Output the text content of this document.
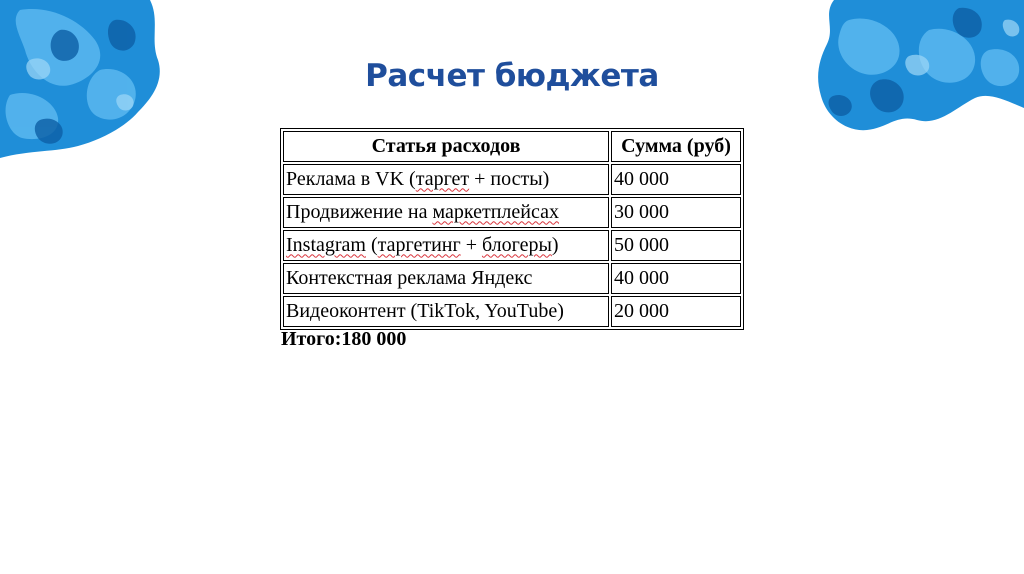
Расчет бюджета
Статья расходов	Сумма (руб)
Реклама в VK (таргет + посты)	40 000
Продвижение на маркетплейсах	30 000
Instagram (таргетинг + блогеры)	50 000
Контекстная реклама Яндекс	40 000
Видеоконтент (TikTok, YouTube)	20 000
Итого:180 000
